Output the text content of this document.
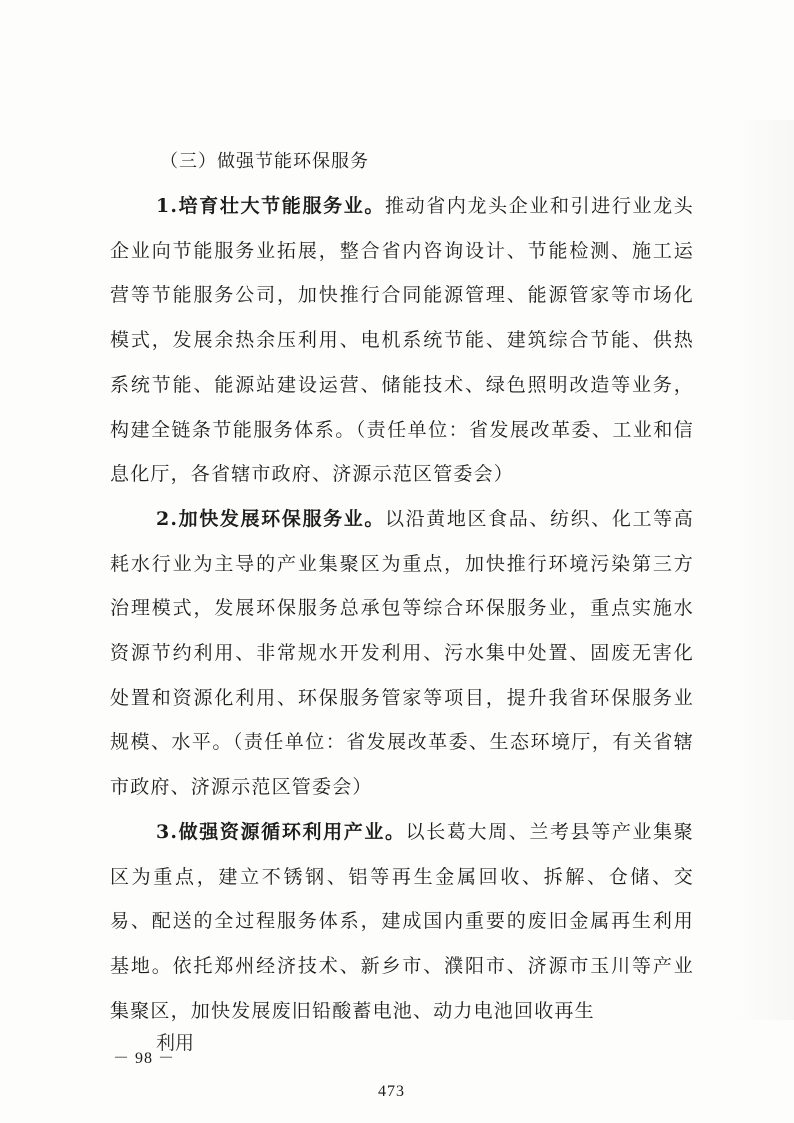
（三）做强节能环保服务

1.培育壮大节能服务业。推动省内龙头企业和引进行业龙头企业向节能服务业拓展，整合省内咨询设计、节能检测、施工运营等节能服务公司，加快推行合同能源管理、能源管家等市场化模式，发展余热余压利用、电机系统节能、建筑综合节能、供热系统节能、能源站建设运营、储能技术、绿色照明改造等业务，构建全链条节能服务体系。（责任单位：省发展改革委、工业和信息化厅，各省辖市政府、济源示范区管委会）

2.加快发展环保服务业。以沿黄地区食品、纺织、化工等高耗水行业为主导的产业集聚区为重点，加快推行环境污染第三方治理模式，发展环保服务总承包等综合环保服务业，重点实施水资源节约利用、非常规水开发利用、污水集中处置、固废无害化处置和资源化利用、环保服务管家等项目，提升我省环保服务业规模、水平。（责任单位：省发展改革委、生态环境厅，有关省辖市政府、济源示范区管委会）

3.做强资源循环利用产业。以长葛大周、兰考县等产业集聚区为重点，建立不锈钢、铝等再生金属回收、拆解、仓储、交易、配送的全过程服务体系，建成国内重要的废旧金属再生利用基地。依托郑州经济技术、新乡市、濮阳市、济源市玉川等产业集聚区，加快发展废旧铅酸蓄电池、动力电池回收再生

利用
－ 98 －
473
